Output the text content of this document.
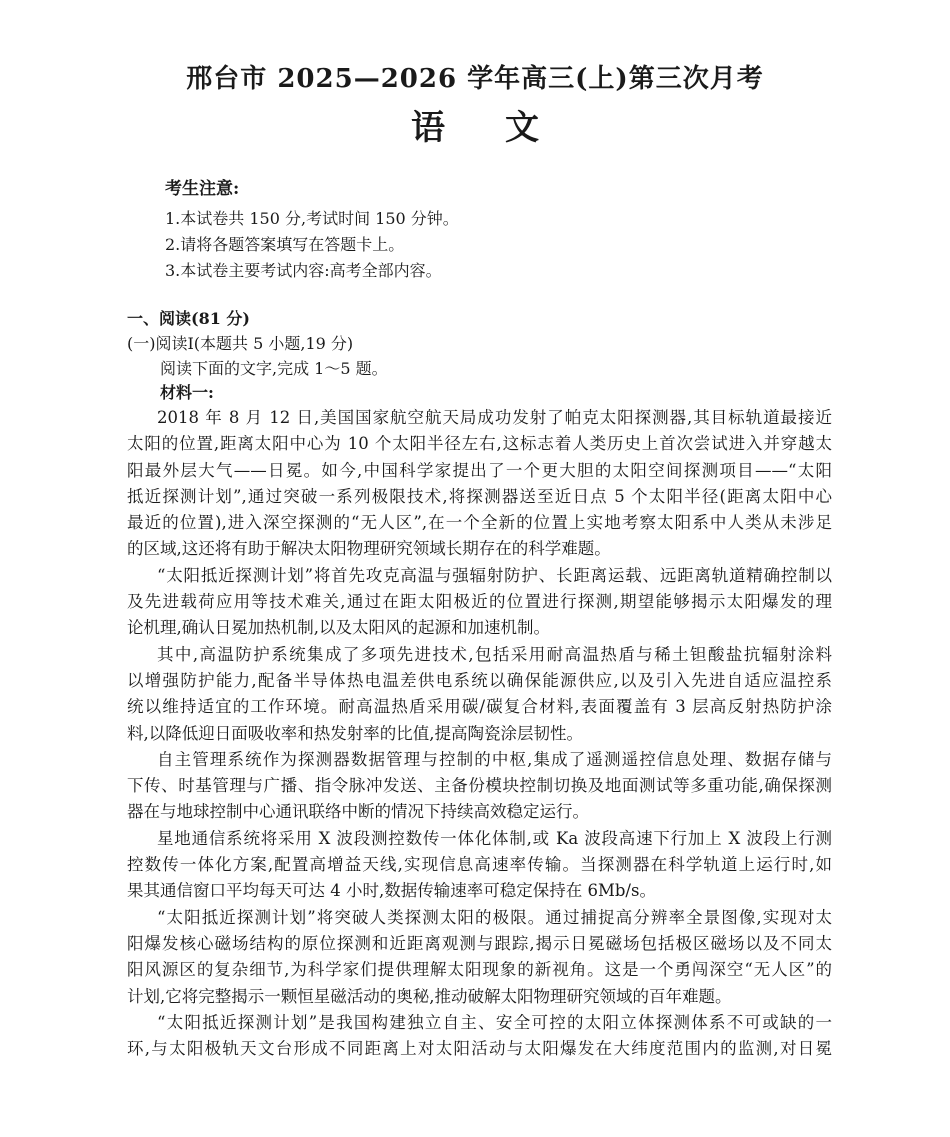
邢台市 2025—2026 学年高三(上)第三次月考
语 文
考生注意:
1.本试卷共 150 分,考试时间 150 分钟。
2.请将各题答案填写在答题卡上。
3.本试卷主要考试内容:高考全部内容。
一、阅读(81 分)
(一)阅读Ⅰ(本题共 5 小题,19 分)
阅读下面的文字,完成 1～5 题。
材料一:
2018 年 8 月 12 日,美国国家航空航天局成功发射了帕克太阳探测器,其目标轨道最接近
太阳的位置,距离太阳中心为 10 个太阳半径左右,这标志着人类历史上首次尝试进入并穿越太
阳最外层大气——日冕。如今,中国科学家提出了一个更大胆的太阳空间探测项目——“太阳
抵近探测计划”,通过突破一系列极限技术,将探测器送至近日点 5 个太阳半径(距离太阳中心
最近的位置),进入深空探测的“无人区”,在一个全新的位置上实地考察太阳系中人类从未涉足
的区域,这还将有助于解决太阳物理研究领域长期存在的科学难题。
“太阳抵近探测计划”将首先攻克高温与强辐射防护、长距离运载、远距离轨道精确控制以
及先进载荷应用等技术难关,通过在距太阳极近的位置进行探测,期望能够揭示太阳爆发的理
论机理,确认日冕加热机制,以及太阳风的起源和加速机制。
其中,高温防护系统集成了多项先进技术,包括采用耐高温热盾与稀土钽酸盐抗辐射涂料
以增强防护能力,配备半导体热电温差供电系统以确保能源供应,以及引入先进自适应温控系
统以维持适宜的工作环境。耐高温热盾采用碳/碳复合材料,表面覆盖有 3 层高反射热防护涂
料,以降低迎日面吸收率和热发射率的比值,提高陶瓷涂层韧性。
自主管理系统作为探测器数据管理与控制的中枢,集成了遥测遥控信息处理、数据存储与
下传、时基管理与广播、指令脉冲发送、主备份模块控制切换及地面测试等多重功能,确保探测
器在与地球控制中心通讯联络中断的情况下持续高效稳定运行。
星地通信系统将采用 X 波段测控数传一体化体制,或 Ka 波段高速下行加上 X 波段上行测
控数传一体化方案,配置高增益天线,实现信息高速率传输。当探测器在科学轨道上运行时,如
果其通信窗口平均每天可达 4 小时,数据传输速率可稳定保持在 6Mb/s。
“太阳抵近探测计划”将突破人类探测太阳的极限。通过捕捉高分辨率全景图像,实现对太
阳爆发核心磁场结构的原位探测和近距离观测与跟踪,揭示日冕磁场包括极区磁场以及不同太
阳风源区的复杂细节,为科学家们提供理解太阳现象的新视角。这是一个勇闯深空“无人区”的
计划,它将完整揭示一颗恒星磁活动的奥秘,推动破解太阳物理研究领域的百年难题。
“太阳抵近探测计划”是我国构建独立自主、安全可控的太阳立体探测体系不可或缺的一
环,与太阳极轨天文台形成不同距离上对太阳活动与太阳爆发在大纬度范围内的监测,对日冕
